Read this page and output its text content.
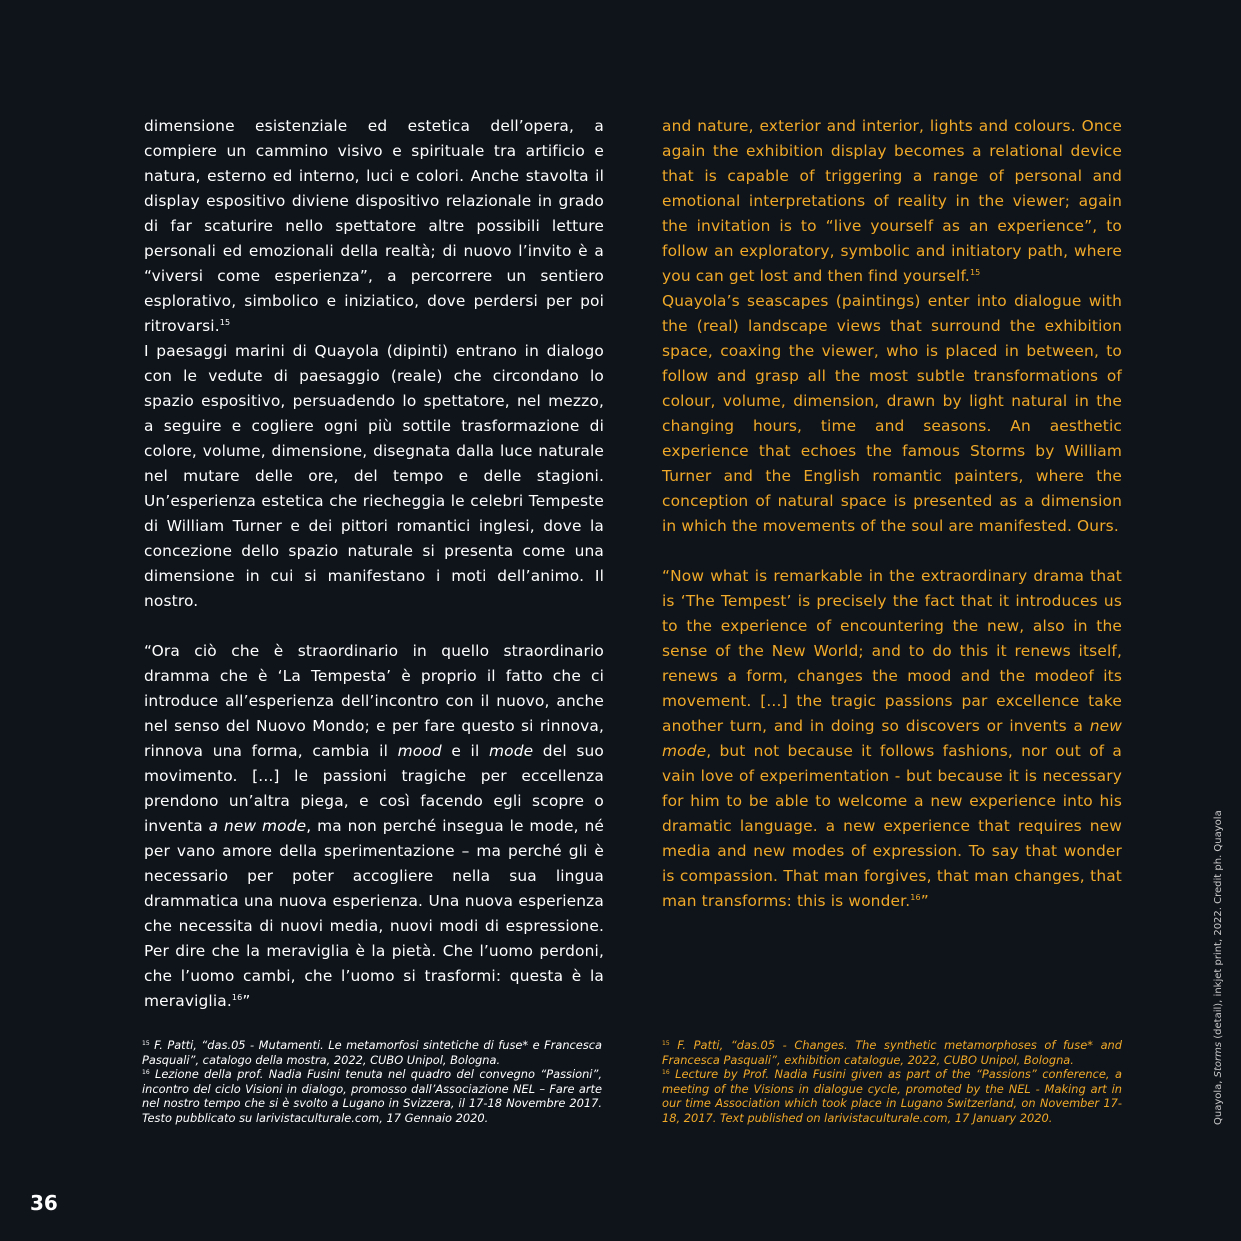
dimensione esistenziale ed estetica dell’opera, a compiere un cammino visivo e spirituale tra artificio e natura, esterno ed interno, luci e colori. Anche stavolta il display espositivo diviene dispositivo relazionale in grado di far scaturire nello spettatore altre possibili letture personali ed emozionali della realtà; di nuovo l’invito è a “viversi come esperienza”, a percorrere un sentiero esplorativo, simbolico e iniziatico, dove perdersi per poi ritrovarsi.$^{15}$

I paesaggi marini di Quayola (dipinti) entrano in dialogo con le vedute di paesaggio (reale) che circondano lo spazio espositivo, persuadendo lo spettatore, nel mezzo, a seguire e cogliere ogni più sottile trasformazione di colore, volume, dimensione, disegnata dalla luce naturale nel mutare delle ore, del tempo e delle stagioni. Un’esperienza estetica che riecheggia le celebri Tempeste di William Turner e dei pittori romantici inglesi, dove la concezione dello spazio naturale si presenta come una dimensione in cui si manifestano i moti dell’animo. Il nostro.

“Ora ciò che è straordinario in quello straordinario dramma che è ‘La Tempesta’ è proprio il fatto che ci introduce all’esperienza dell’incontro con il nuovo, anche nel senso del Nuovo Mondo; e per fare questo si rinnova, rinnova una forma, cambia il mood e il mode del suo movimento. [...] le passioni tragiche per eccellenza prendono un’altra piega, e così facendo egli scopre o inventa a new mode, ma non perché insegua le mode, né per vano amore della sperimentazione – ma perché gli è necessario per poter accogliere nella sua lingua drammatica una nuova esperienza. Una nuova esperienza che necessita di nuovi media, nuovi modi di espressione. Per dire che la meraviglia è la pietà. Che l’uomo perdoni, che l’uomo cambi, che l’uomo si trasformi: questa è la meraviglia.$^{16}$”

and nature, exterior and interior, lights and colours. Once again the exhibition display becomes a relational device that is capable of triggering a range of personal and emotional interpretations of reality in the viewer; again the invitation is to “live yourself as an experience”, to follow an exploratory, symbolic and initiatory path, where you can get lost and then find yourself.$^{15}$

Quayola’s seascapes (paintings) enter into dialogue with the (real) landscape views that surround the exhibition space, coaxing the viewer, who is placed in between, to follow and grasp all the most subtle transformations of colour, volume, dimension, drawn by light natural in the changing hours, time and seasons. An aesthetic experience that echoes the famous Storms by William Turner and the English romantic painters, where the conception of natural space is presented as a dimension in which the movements of the soul are manifested. Ours.

“Now what is remarkable in the extraordinary drama that is ‘The Tempest’ is precisely the fact that it introduces us to the experience of encountering the new, also in the sense of the New World; and to do this it renews itself, renews a form, changes the mood and the modeof its movement. [...] the tragic passions par excellence take another turn, and in doing so discovers or invents a new mode, but not because it follows fashions, nor out of a vain love of experimentation - but because it is necessary for him to be able to welcome a new experience into his dramatic language. a new experience that requires new media and new modes of expression. To say that wonder is compassion. That man forgives, that man changes, that man transforms: this is wonder.$^{16}$”

$^{15}$ F. Patti, “das.05 - Mutamenti. Le metamorfosi sintetiche di fuse* e Francesca Pasquali”, catalogo della mostra, 2022, CUBO Unipol, Bologna.

$^{16}$ Lezione della prof. Nadia Fusini tenuta nel quadro del convegno “Passioni”, incontro del ciclo Visioni in dialogo, promosso dall’Associazione NEL – Fare arte nel nostro tempo che si è svolto a Lugano in Svizzera, il 17-18 Novembre 2017. Testo pubblicato su larivistaculturale.com, 17 Gennaio 2020.

$^{15}$ F. Patti, “das.05 - Changes. The synthetic metamorphoses of fuse* and Francesca Pasquali”, exhibition catalogue, 2022, CUBO Unipol, Bologna.

$^{16}$ Lecture by Prof. Nadia Fusini given as part of the “Passions” conference, a meeting of the Visions in dialogue cycle, promoted by the NEL - Making art in our time Association which took place in Lugano Switzerland, on November 17-18, 2017. Text published on larivistaculturale.com, 17 January 2020.

36
Quayola, Storms (detail), inkjet print, 2022. Credit ph. Quayola
